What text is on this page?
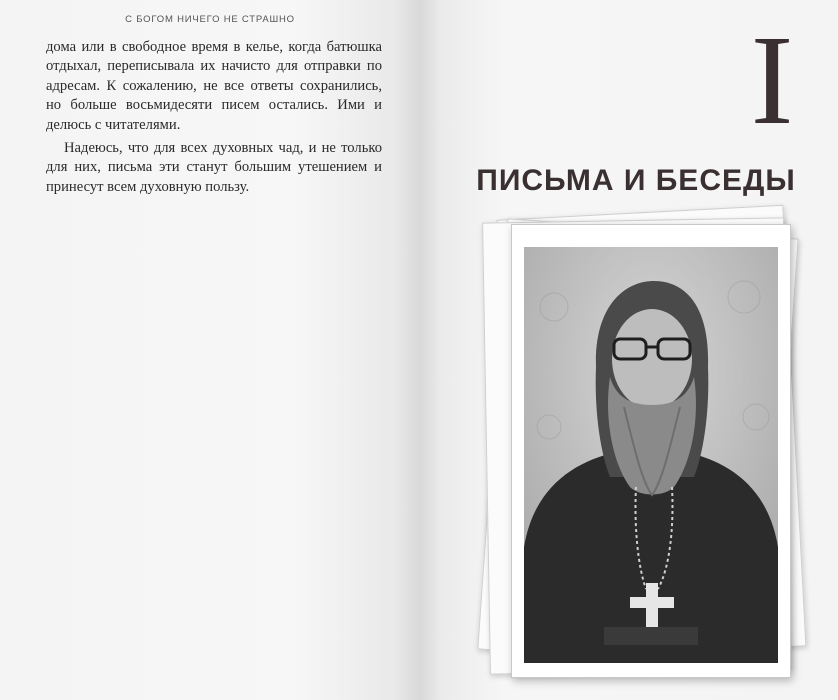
С БОГОМ НИЧЕГО НЕ СТРАШНО

дома или в свободное время в келье, когда батюшка отдыхал, переписывала их начисто для отправки по адресам. К сожалению, не все ответы сохранились, но больше восьмидесяти писем остались. Ими и делюсь с читателями.

Надеюсь, что для всех духовных чад, и не только для них, письма эти станут большим утешением и принесут всем духовную пользу.

I
ПИСЬМА И БЕСЕДЫ
